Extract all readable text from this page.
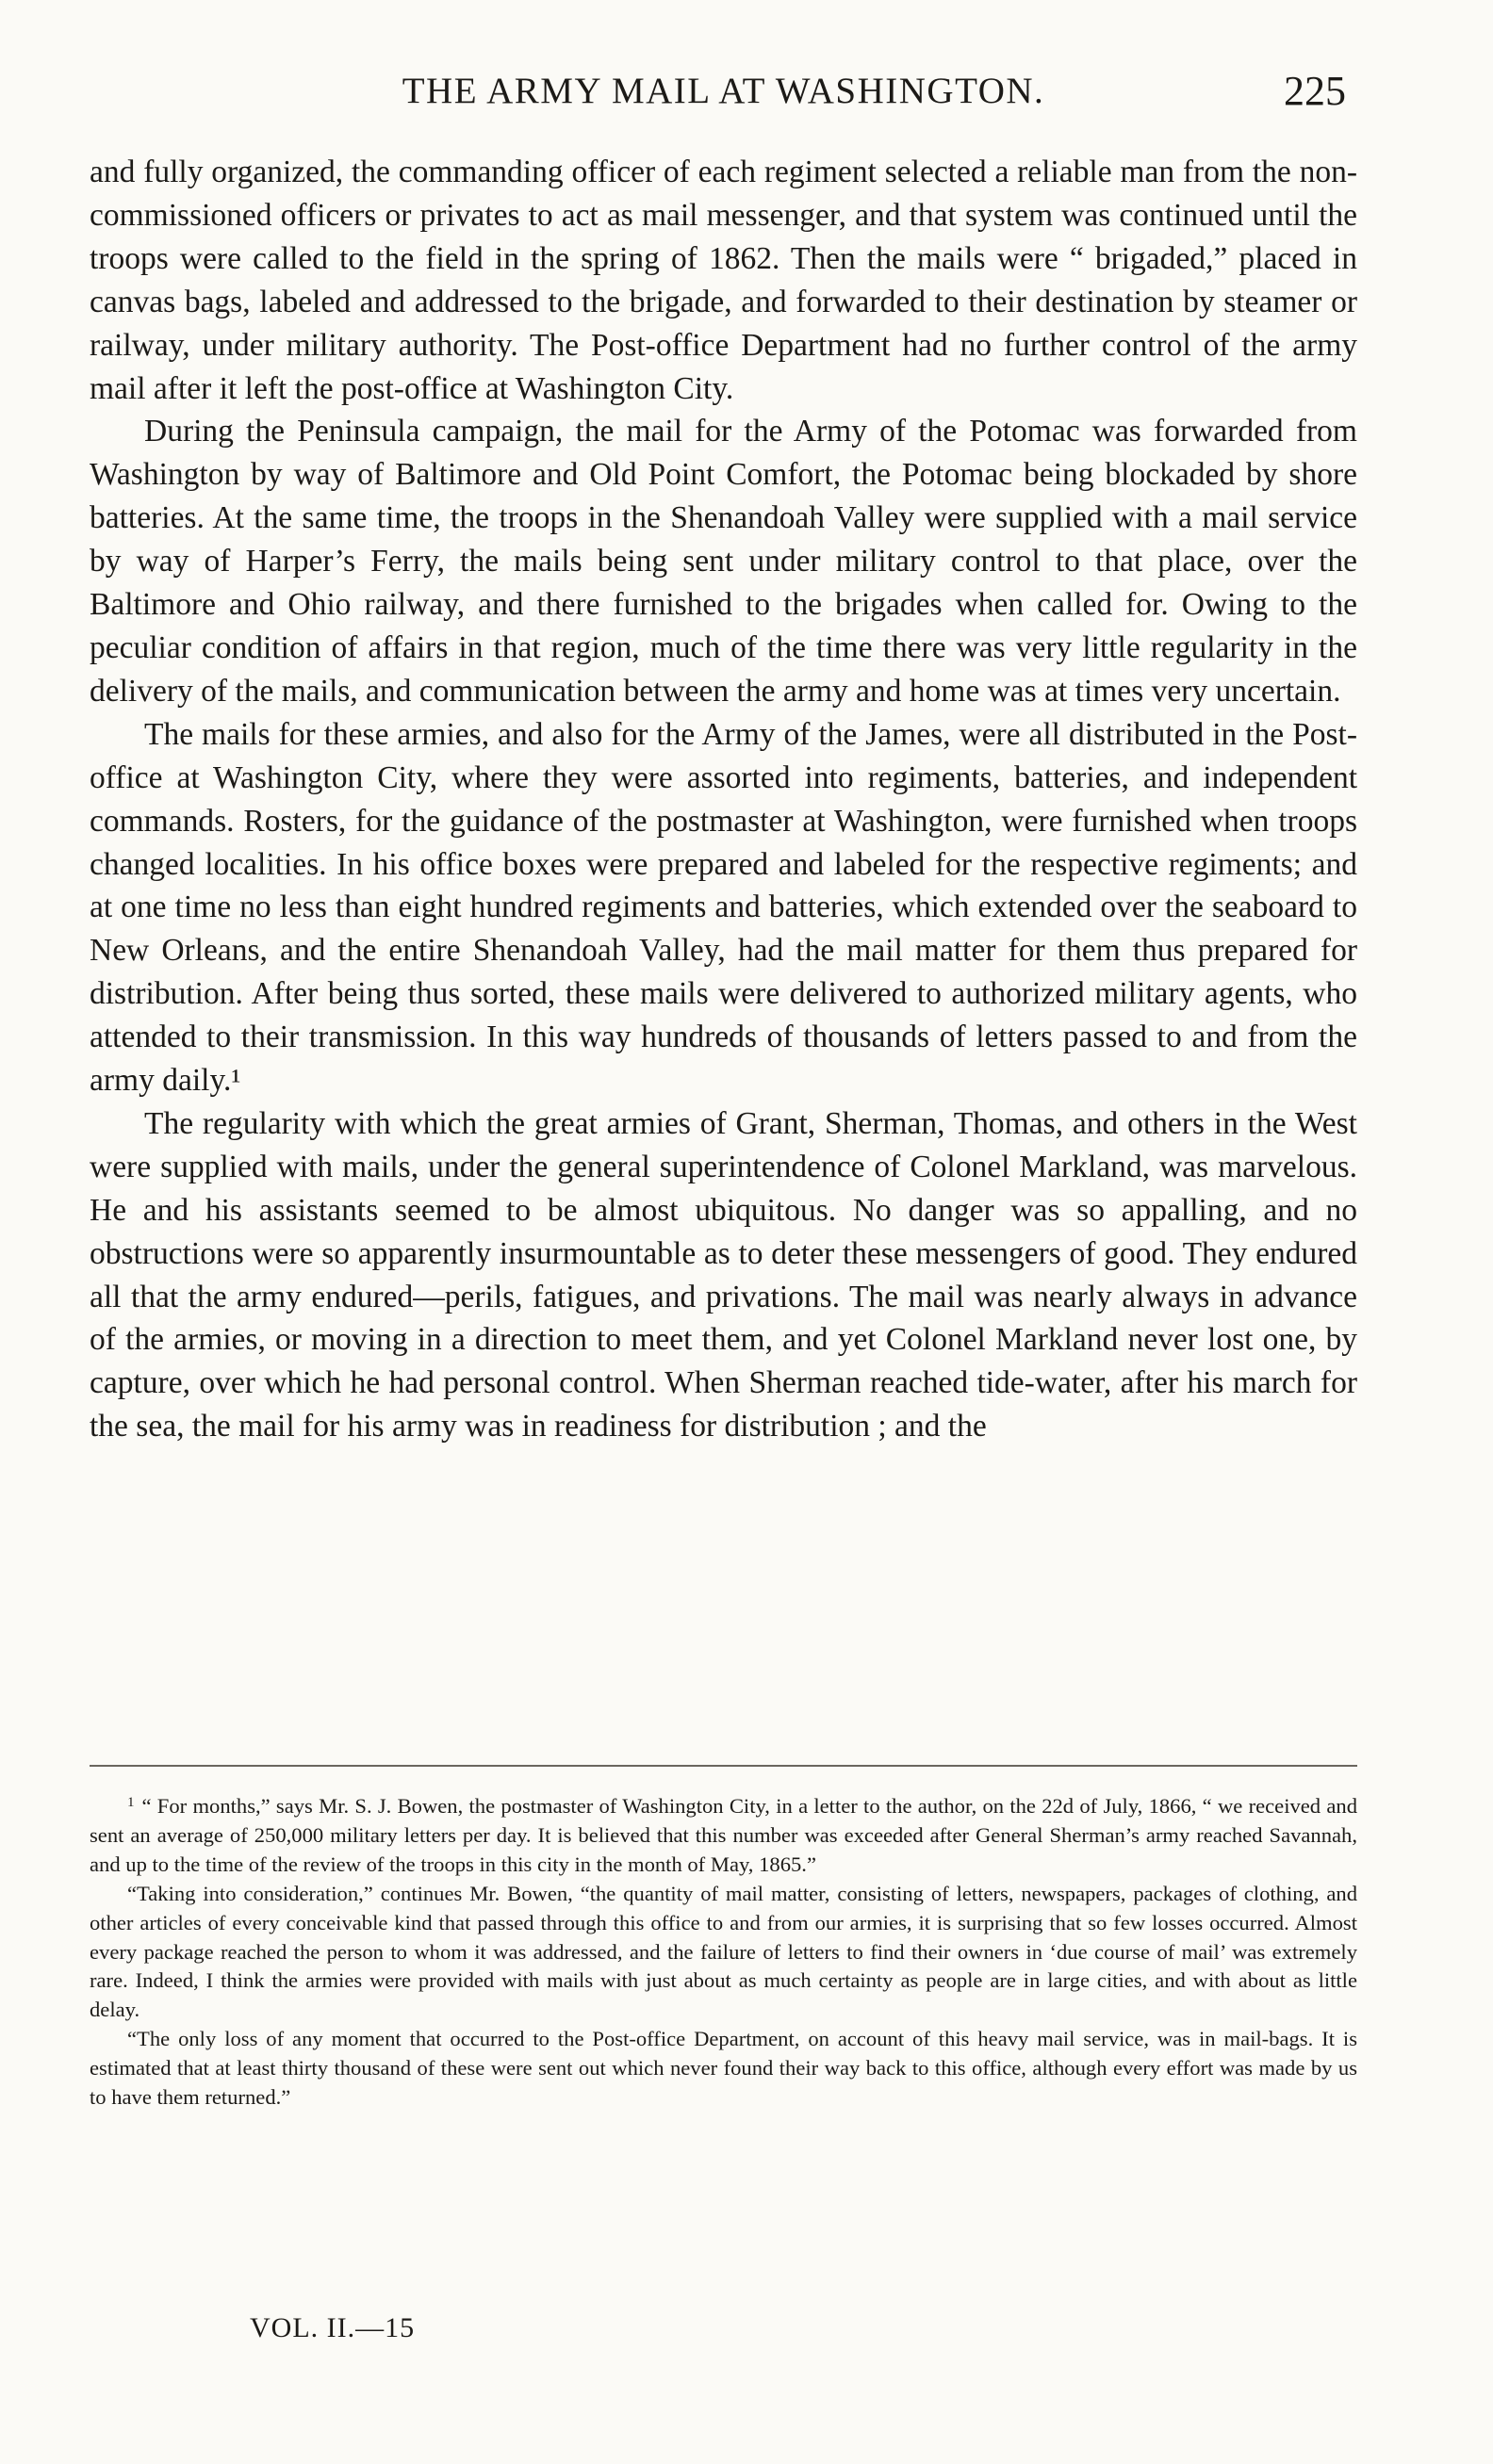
THE ARMY MAIL AT WASHINGTON.	225

and fully organized, the commanding officer of each regiment selected a reliable man from the non-commissioned officers or privates to act as mail messenger, and that system was continued until the troops were called to the field in the spring of 1862. Then the mails were “ brigaded,” placed in canvas bags, labeled and addressed to the brigade, and forwarded to their destination by steamer or railway, under military authority. The Post-office Department had no further control of the army mail after it left the post-office at Washington City.

During the Peninsula campaign, the mail for the Army of the Potomac was forwarded from Washington by way of Baltimore and Old Point Comfort, the Potomac being blockaded by shore batteries. At the same time, the troops in the Shenandoah Valley were supplied with a mail service by way of Harper’s Ferry, the mails being sent under military control to that place, over the Baltimore and Ohio railway, and there furnished to the brigades when called for. Owing to the peculiar condition of affairs in that region, much of the time there was very little regularity in the delivery of the mails, and communication between the army and home was at times very uncertain.

The mails for these armies, and also for the Army of the James, were all distributed in the Post-office at Washington City, where they were assorted into regiments, batteries, and independent commands. Rosters, for the guidance of the postmaster at Washington, were furnished when troops changed localities. In his office boxes were prepared and labeled for the respective regiments; and at one time no less than eight hundred regiments and batteries, which extended over the seaboard to New Orleans, and the entire Shenandoah Valley, had the mail matter for them thus prepared for distribution. After being thus sorted, these mails were delivered to authorized military agents, who attended to their transmission. In this way hundreds of thousands of letters passed to and from the army daily.¹

The regularity with which the great armies of Grant, Sherman, Thomas, and others in the West were supplied with mails, under the general superintendence of Colonel Markland, was marvelous. He and his assistants seemed to be almost ubiquitous. No danger was so appalling, and no obstructions were so apparently insurmountable as to deter these messengers of good. They endured all that the army endured—perils, fatigues, and privations. The mail was nearly always in advance of the armies, or moving in a direction to meet them, and yet Colonel Markland never lost one, by capture, over which he had personal control. When Sherman reached tide-water, after his march for the sea, the mail for his army was in readiness for distribution ; and the

$^1$ “ For months,” says Mr. S. J. Bowen, the postmaster of Washington City, in a letter to the author, on the 22d of July, 1866, “ we received and sent an average of 250,000 military letters per day. It is believed that this number was exceeded after General Sherman’s army reached Savannah, and up to the time of the review of the troops in this city in the month of May, 1865.”

“Taking into consideration,” continues Mr. Bowen, “the quantity of mail matter, consisting of letters, newspapers, packages of clothing, and other articles of every conceivable kind that passed through this office to and from our armies, it is surprising that so few losses occurred. Almost every package reached the person to whom it was addressed, and the failure of letters to find their owners in ‘due course of mail’ was extremely rare. Indeed, I think the armies were provided with mails with just about as much certainty as people are in large cities, and with about as little delay.

“The only loss of any moment that occurred to the Post-office Department, on account of this heavy mail service, was in mail-bags. It is estimated that at least thirty thousand of these were sent out which never found their way back to this office, although every effort was made by us to have them returned.”

VOL. II.—15
